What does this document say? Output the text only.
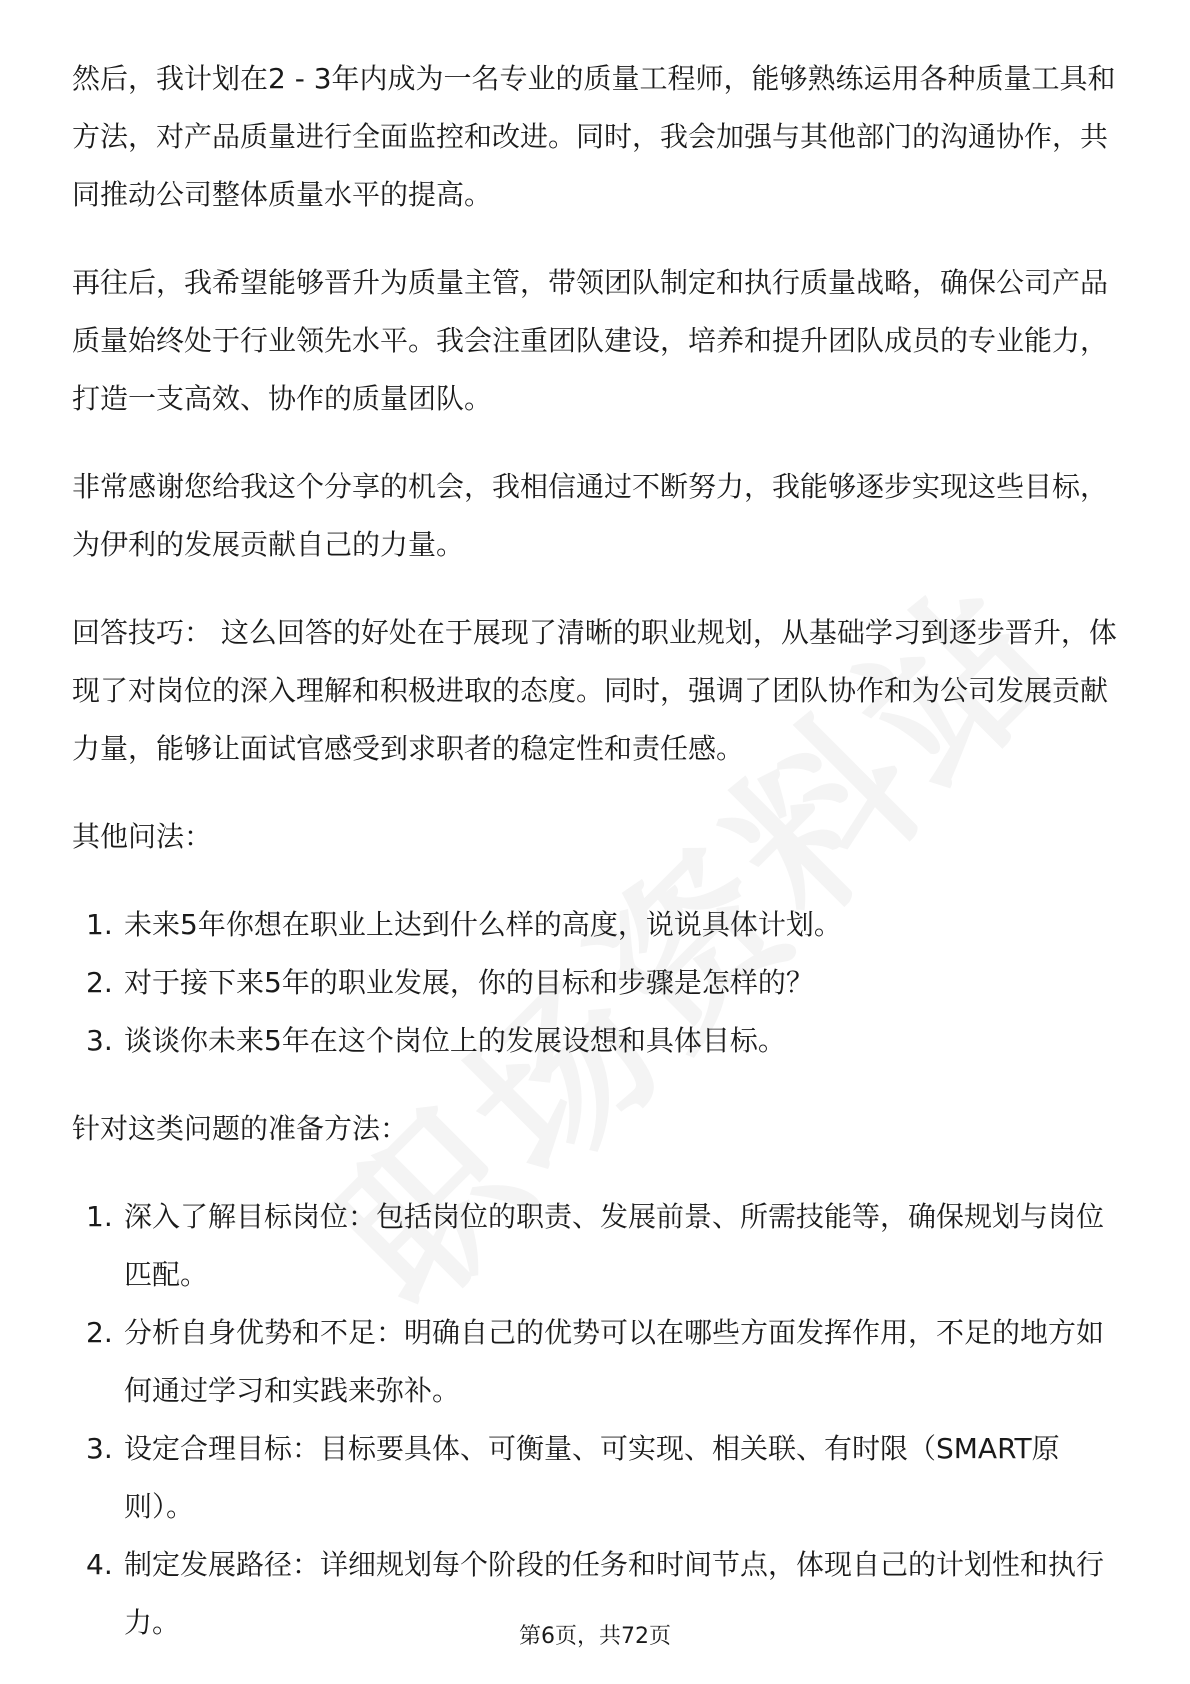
然后，我计划在2 - 3年内成为一名专业的质量工程师，能够熟练运用各种质量工具和方法，对产品质量进行全面监控和改进。同时，我会加强与其他部门的沟通协作，共同推动公司整体质量水平的提高。

再往后，我希望能够晋升为质量主管，带领团队制定和执行质量战略，确保公司产品质量始终处于行业领先水平。我会注重团队建设，培养和提升团队成员的专业能力，打造一支高效、协作的质量团队。

非常感谢您给我这个分享的机会，我相信通过不断努力，我能够逐步实现这些目标，为伊利的发展贡献自己的力量。

回答技巧： 这么回答的好处在于展现了清晰的职业规划，从基础学习到逐步晋升，体现了对岗位的深入理解和积极进取的态度。同时，强调了团队协作和为公司发展贡献力量，能够让面试官感受到求职者的稳定性和责任感。

其他问法：

1. 未来5年你想在职业上达到什么样的高度，说说具体计划。
2. 对于接下来5年的职业发展，你的目标和步骤是怎样的？
3. 谈谈你未来5年在这个岗位上的发展设想和具体目标。

针对这类问题的准备方法：

1. 深入了解目标岗位：包括岗位的职责、发展前景、所需技能等，确保规划与岗位匹配。
2. 分析自身优势和不足：明确自己的优势可以在哪些方面发挥作用，不足的地方如何通过学习和实践来弥补。
3. 设定合理目标：目标要具体、可衡量、可实现、相关联、有时限（SMART原则）。
4. 制定发展路径：详细规划每个阶段的任务和时间节点，体现自己的计划性和执行力。	第6页，共72页
